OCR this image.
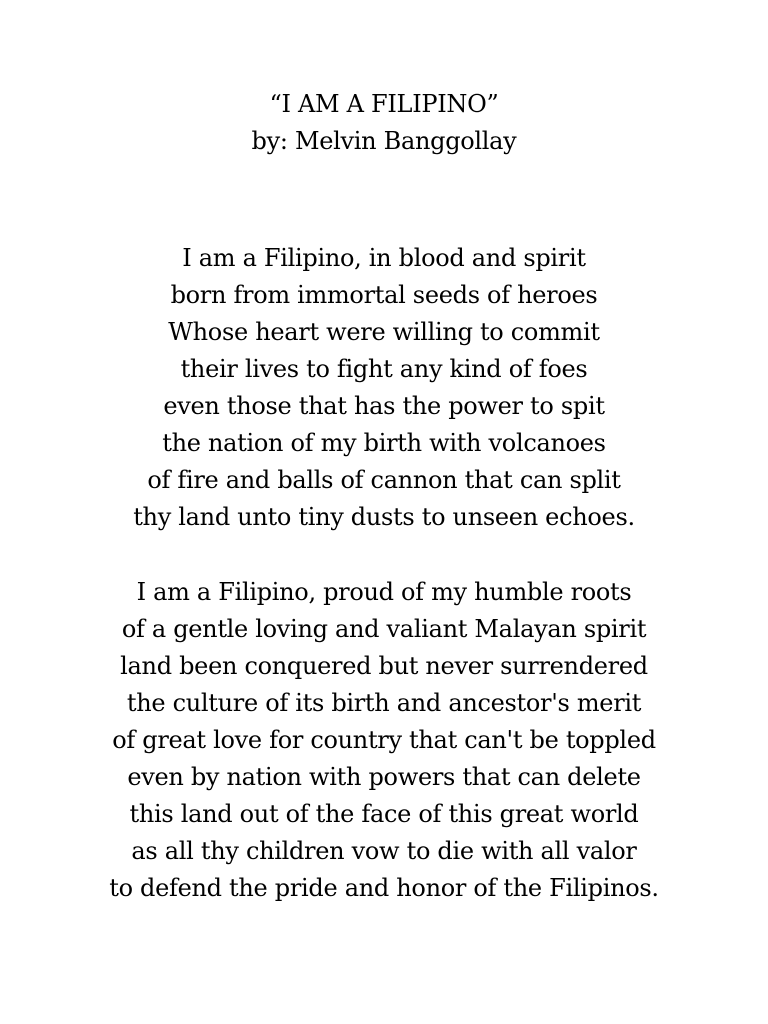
“I AM A FILIPINO”
by: Melvin Banggollay
I am a Filipino, in blood and spirit
born from immortal seeds of heroes
Whose heart were willing to commit
their lives to fight any kind of foes
even those that has the power to spit
the nation of my birth with volcanoes
of fire and balls of cannon that can split
thy land unto tiny dusts to unseen echoes.
I am a Filipino, proud of my humble roots
of a gentle loving and valiant Malayan spirit
land been conquered but never surrendered
the culture of its birth and ancestor's merit
of great love for country that can't be toppled
even by nation with powers that can delete
this land out of the face of this great world
as all thy children vow to die with all valor
to defend the pride and honor of the Filipinos.
